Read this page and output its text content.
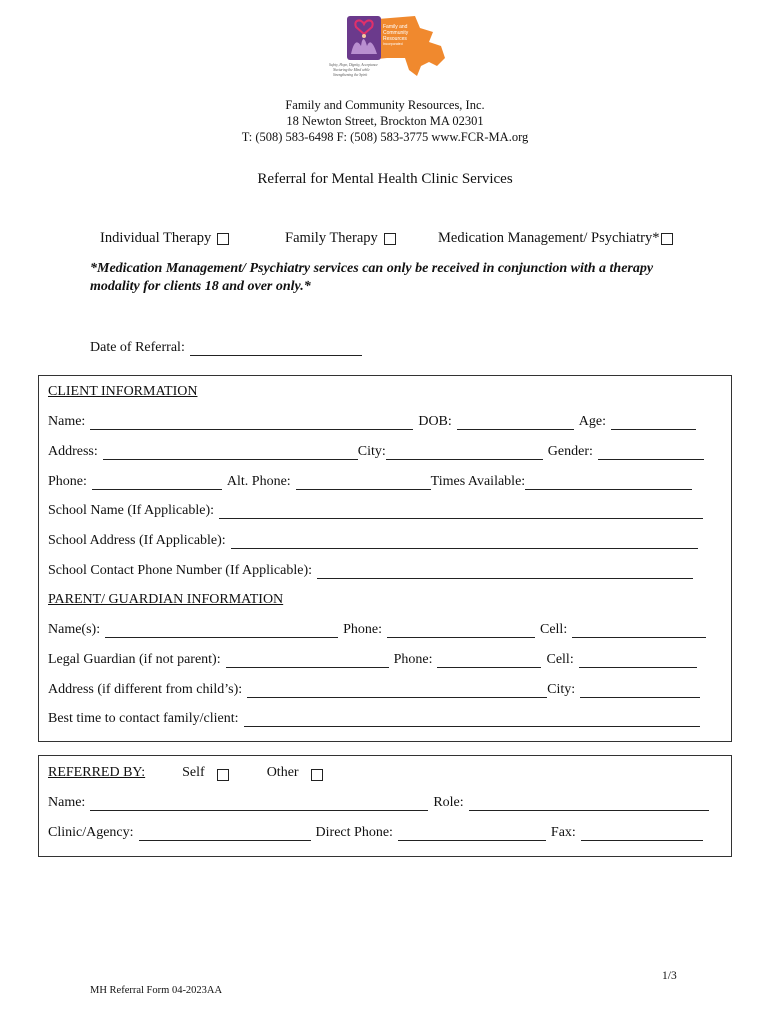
Family and
Community
Resources
Incorporated
Safety, Hope, Dignity, Acceptance
Nurturing the Mind while
Strengthening the Spirit
Family and Community Resources, Inc.
18 Newton Street, Brockton MA 02301
T: (508) 583-6498 F: (508) 583-3775 www.FCR-MA.org
Referral for Mental Health Clinic Services
Individual Therapy	Family Therapy	Medication Management/ Psychiatry*
*Medication Management/ Psychiatry services can only be received in conjunction with a therapy modality for clients 18 and over only.*
Date of Referral:
CLIENT INFORMATION
Name:	DOB:	Age:
Address:	City:	Gender:
Phone:	Alt. Phone:	Times Available:
School Name (If Applicable):
School Address (If Applicable):
School Contact Phone Number (If Applicable):
PARENT/ GUARDIAN INFORMATION
Name(s):	Phone:	Cell:
Legal Guardian (if not parent):	Phone:	Cell:
Address (if different from child’s):	City:
Best time to contact family/client:
REFERRED BY:	Self	Other
Name:	Role:
Clinic/Agency:	Direct Phone:	Fax:
1/3
MH Referral Form 04-2023AA
